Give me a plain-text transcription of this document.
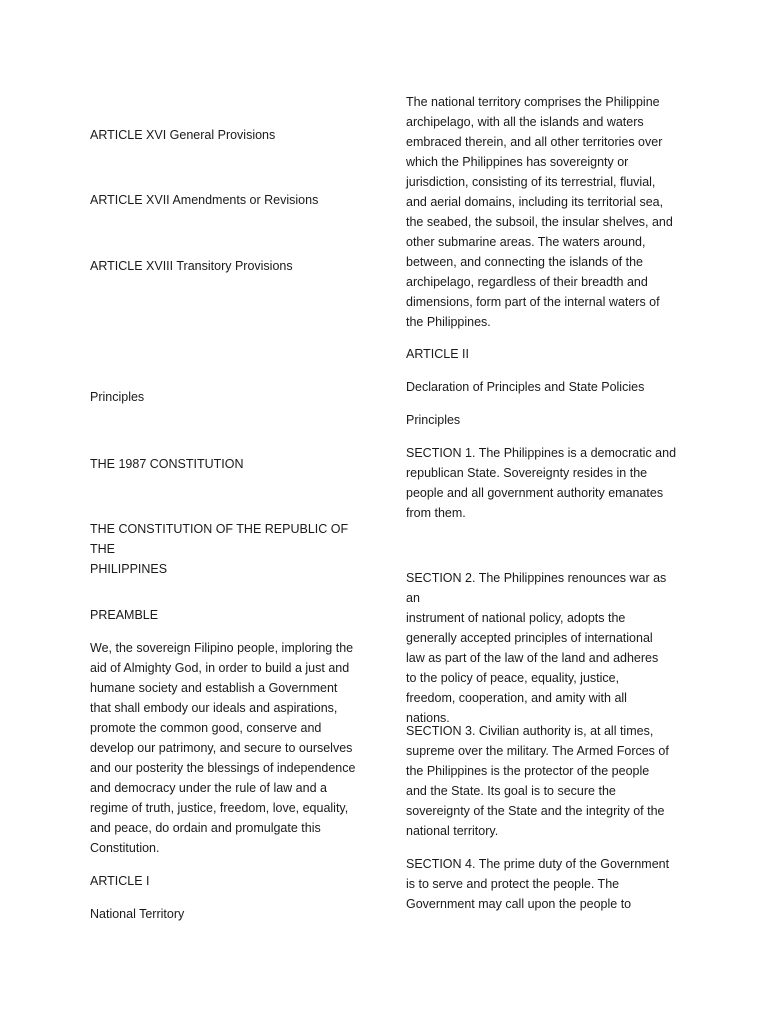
ARTICLE XVI General Provisions

ARTICLE XVII Amendments or Revisions

ARTICLE XVIII Transitory Provisions

Principles

THE 1987 CONSTITUTION

THE CONSTITUTION OF THE REPUBLIC OF THE
PHILIPPINES

PREAMBLE

We, the sovereign Filipino people, imploring the
aid of Almighty God, in order to build a just and
humane society and establish a Government
that shall embody our ideals and aspirations,
promote the common good, conserve and
develop our patrimony, and secure to ourselves
and our posterity the blessings of independence
and democracy under the rule of law and a
regime of truth, justice, freedom, love, equality,
and peace, do ordain and promulgate this
Constitution.

ARTICLE I

National Territory

The national territory comprises the Philippine

archipelago, with all the islands and waters

embraced therein, and all other territories over

which the Philippines has sovereignty or

jurisdiction, consisting of its terrestrial, fluvial,

and aerial domains, including its territorial sea,

the seabed, the subsoil, the insular shelves, and

other submarine areas. The waters around,

between, and connecting the islands of the

archipelago, regardless of their breadth and

dimensions, form part of the internal waters of

the Philippines.

ARTICLE II

Declaration of Principles and State Policies

Principles

SECTION 1. The Philippines is a democratic and

republican State. Sovereignty resides in the

people and all government authority emanates

from them.

SECTION 2. The Philippines renounces war as an

instrument of national policy, adopts the

generally accepted principles of international

law as part of the law of the land and adheres

to the policy of peace, equality, justice,

freedom, cooperation, and amity with all

nations.

SECTION 3. Civilian authority is, at all times,

supreme over the military. The Armed Forces of

the Philippines is the protector of the people

and the State. Its goal is to secure the

sovereignty of the State and the integrity of the

national territory.

SECTION 4. The prime duty of the Government

is to serve and protect the people. The

Government may call upon the people to
